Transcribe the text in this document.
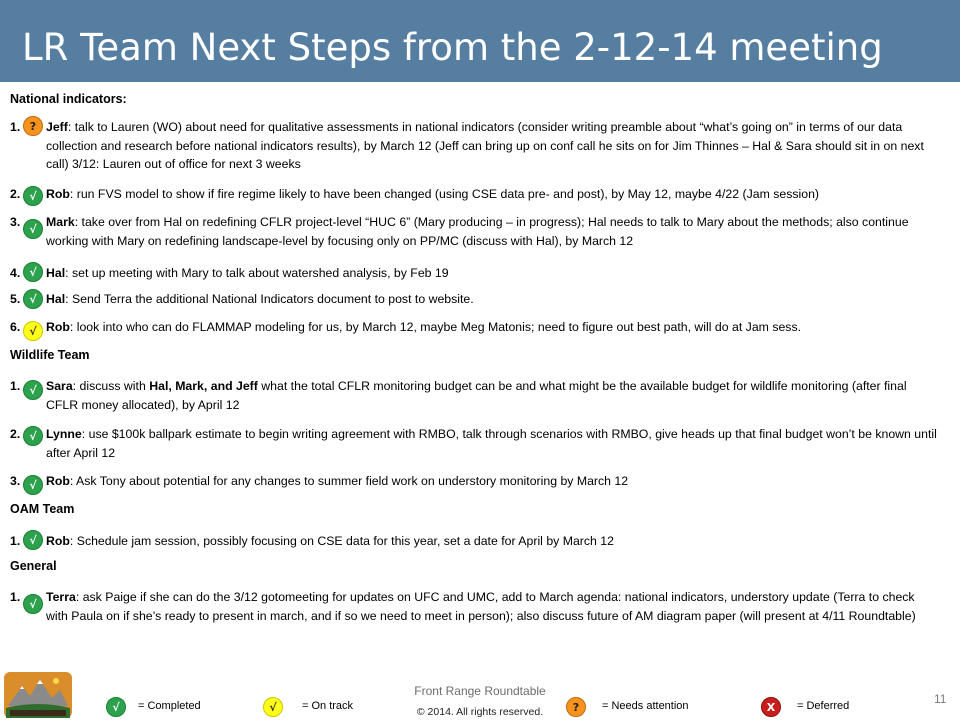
LR Team Next Steps from the 2-12-14 meeting
National indicators:
1. Jeff: talk to Lauren (WO) about need for qualitative assessments in national indicators (consider writing preamble about “what’s going on” in terms of our data collection and research before national indicators results), by March 12 (Jeff can bring up on conf call he sits on for Jim Thinnes – Hal & Sara should sit in on next call) 3/12: Lauren out of office for next 3 weeks
?
2. Rob: run FVS model to show if fire regime likely to have been changed (using CSE data pre- and post), by May 12, maybe 4/22 (Jam session)
√
3. Mark: take over from Hal on redefining CFLR project-level “HUC 6” (Mary producing – in progress); Hal needs to talk to Mary about the methods; also continue working with Mary on redefining landscape-level by focusing only on PP/MC (discuss with Hal), by March 12
√
4. Hal: set up meeting with Mary to talk about watershed analysis, by Feb 19
√
5. Hal: Send Terra the additional National Indicators document to post to website.
√
6. Rob: look into who can do FLAMMAP modeling for us, by March 12, maybe Meg Matonis; need to figure out best path, will do at Jam sess.
√
Wildlife Team
1. Sara: discuss with Hal, Mark, and Jeff what the total CFLR monitoring budget can be and what might be the available budget for wildlife monitoring (after final CFLR money allocated), by April 12
√
2. Lynne: use $100k ballpark estimate to begin writing agreement with RMBO, talk through scenarios with RMBO, give heads up that final budget won’t be known until after April 12
√
3. Rob: Ask Tony about potential for any changes to summer field work on understory monitoring by March 12
√
OAM Team
1. Rob: Schedule jam session, possibly focusing on CSE data for this year, set a date for April by March 12
√
General
1. Terra: ask Paige if she can do the 3/12 gotomeeting for updates on UFC and UMC, add to March agenda: national indicators, understory update (Terra to check with Paula on if she’s ready to present in march, and if so we need to meet in person); also discuss future of AM diagram paper (will present at 4/11 Roundtable)
√
√	= Completed	√	= On track	?	= Needs attention	X	= Deferred
Front Range Roundtable
© 2014. All rights reserved.
11
